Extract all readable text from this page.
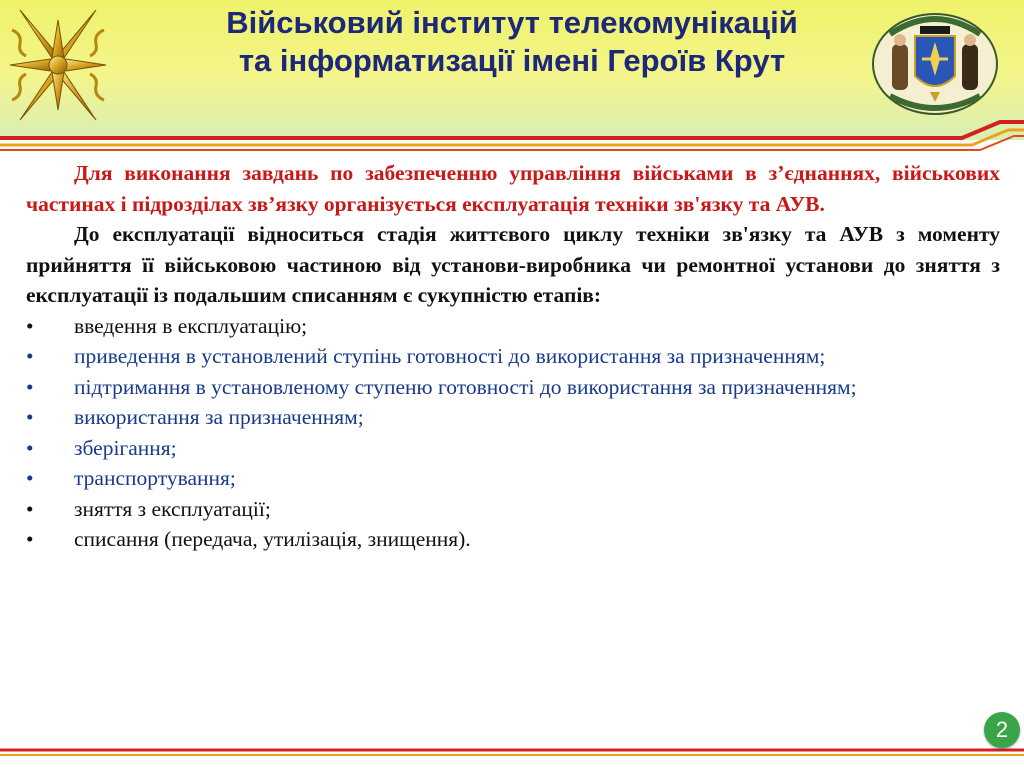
Військовий інститут телекомунікацій
та інформатизації імені Героїв Крут

Для виконання завдань по забезпеченню управління військами в з’єднаннях, військових частинах і підрозділах зв’язку організується експлуатація техніки зв'язку та АУВ.

До експлуатації відноситься стадія життєвого циклу техніки зв'язку та АУВ з моменту прийняття її військовою частиною від установи-виробника чи ремонтної установи до зняття з експлуатації із подальшим списанням є сукупністю етапів:

• введення в експлуатацію;

• приведення в установлений ступінь готовності до використання за призначенням;

• підтримання в установленому ступеню готовності до використання за призначенням;

• використання за призначенням;

• зберігання;

• транспортування;

• зняття з експлуатації;

• списання (передача, утилізація, знищення).

2
